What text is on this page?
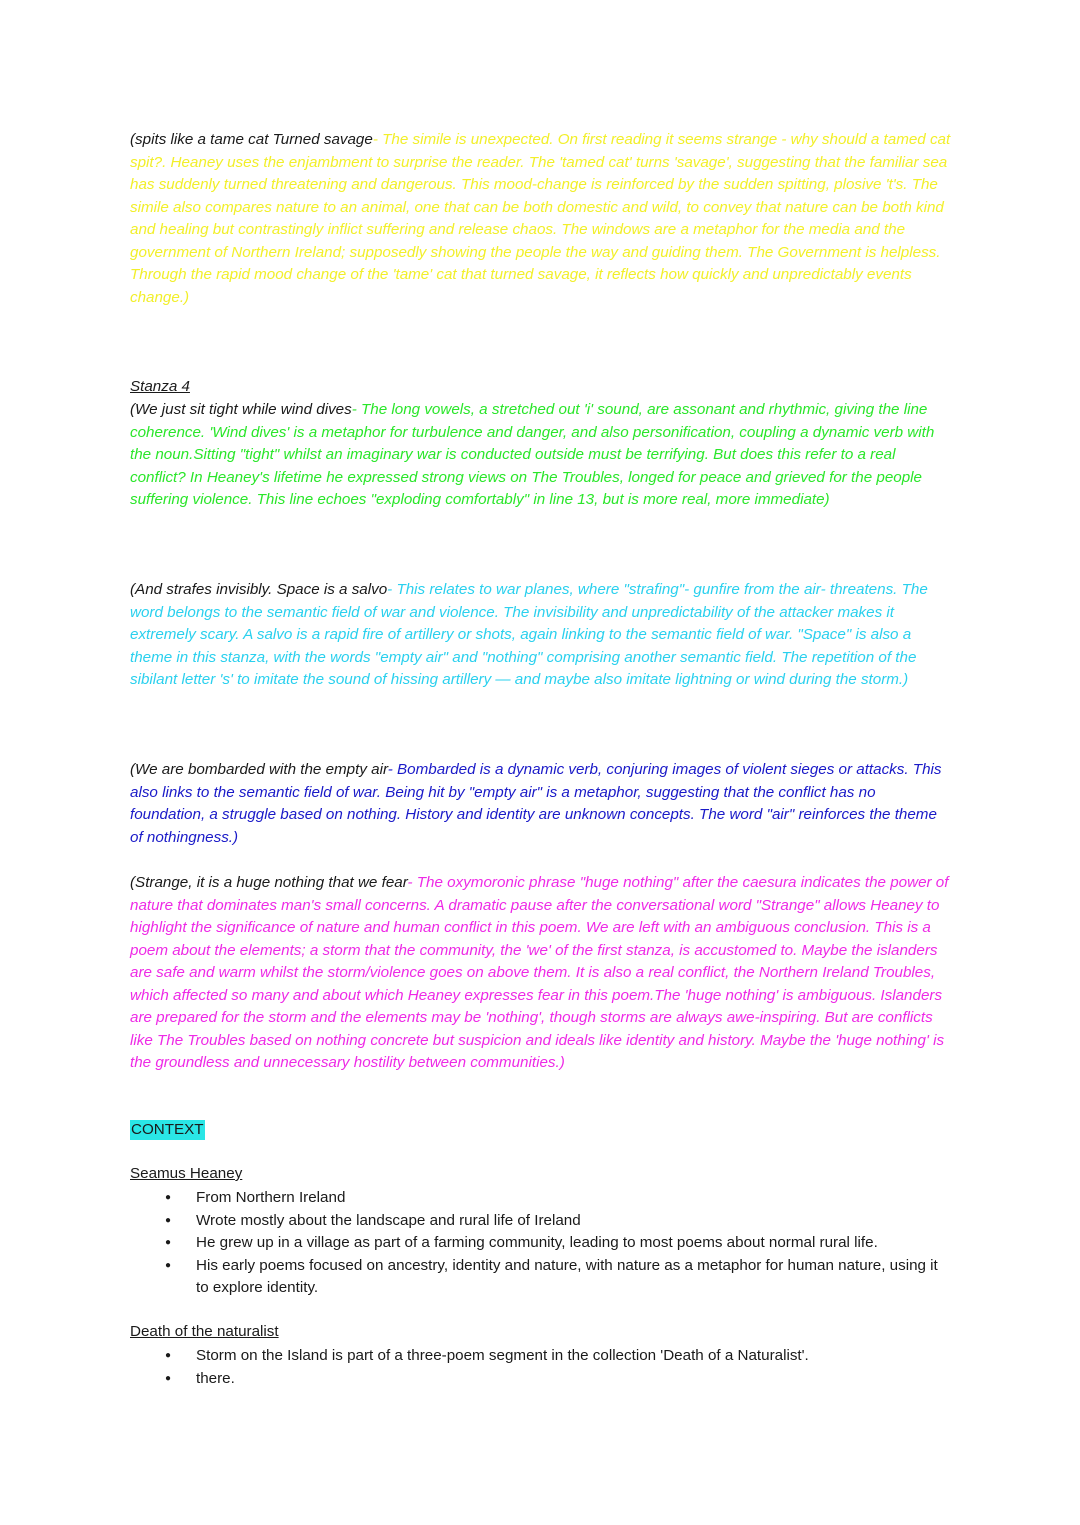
(spits like a tame cat Turned savage- The simile is unexpected. On first reading it seems strange - why should a tamed cat spit?. Heaney uses the enjambment to surprise the reader. The 'tamed cat' turns 'savage', suggesting that the familiar sea has suddenly turned threatening and dangerous. This mood-change is reinforced by the sudden spitting, plosive 't's. The simile also compares nature to an animal, one that can be both domestic and wild, to convey that nature can be both kind and healing but contrastingly inflict suffering and release chaos. The windows are a metaphor for the media and the government of Northern Ireland; supposedly showing the people the way and guiding them. The Government is helpless. Through the rapid mood change of the 'tame' cat that turned savage, it reflects how quickly and unpredictably events change.)

Stanza 4

(We just sit tight while wind dives- The long vowels, a stretched out 'i' sound, are assonant and rhythmic, giving the line coherence. 'Wind dives' is a metaphor for turbulence and danger, and also personification, coupling a dynamic verb with the noun.Sitting "tight" whilst an imaginary war is conducted outside must be terrifying. But does this refer to a real conflict? In Heaney's lifetime he expressed strong views on The Troubles, longed for peace and grieved for the people suffering violence. This line echoes "exploding comfortably" in line 13, but is more real, more immediate)

(And strafes invisibly. Space is a salvo- This relates to war planes, where "strafing"- gunfire from the air- threatens. The word belongs to the semantic field of war and violence. The invisibility and unpredictability of the attacker makes it extremely scary. A salvo is a rapid fire of artillery or shots, again linking to the semantic field of war. "Space" is also a theme in this stanza, with the words "empty air" and "nothing" comprising another semantic field. The repetition of the sibilant letter 's' to imitate the sound of hissing artillery — and maybe also imitate lightning or wind during the storm.)

(We are bombarded with the empty air- Bombarded is a dynamic verb, conjuring images of violent sieges or attacks. This also links to the semantic field of war. Being hit by "empty air" is a metaphor, suggesting that the conflict has no foundation, a struggle based on nothing. History and identity are unknown concepts. The word "air" reinforces the theme of nothingness.)

(Strange, it is a huge nothing that we fear- The oxymoronic phrase "huge nothing" after the caesura indicates the power of nature that dominates man's small concerns. A dramatic pause after the conversational word "Strange" allows Heaney to highlight the significance of nature and human conflict in this poem. We are left with an ambiguous conclusion. This is a poem about the elements; a storm that the community, the 'we' of the first stanza, is accustomed to. Maybe the islanders are safe and warm whilst the storm/violence goes on above them. It is also a real conflict, the Northern Ireland Troubles, which affected so many and about which Heaney expresses fear in this poem.The 'huge nothing' is ambiguous. Islanders are prepared for the storm and the elements may be 'nothing', though storms are always awe-inspiring. But are conflicts like The Troubles based on nothing concrete but suspicion and ideals like identity and history. Maybe the 'huge nothing' is the groundless and unnecessary hostility between communities.)

CONTEXT
Seamus Heaney
● From Northern Ireland
● Wrote mostly about the landscape and rural life of Ireland
● He grew up in a village as part of a farming community, leading to most poems about normal rural life.
● His early poems focused on ancestry, identity and nature, with nature as a metaphor for human nature, using it to explore identity.
Death of the naturalist
● Storm on the Island is part of a three-poem segment in the collection 'Death of a Naturalist'.
● there.
